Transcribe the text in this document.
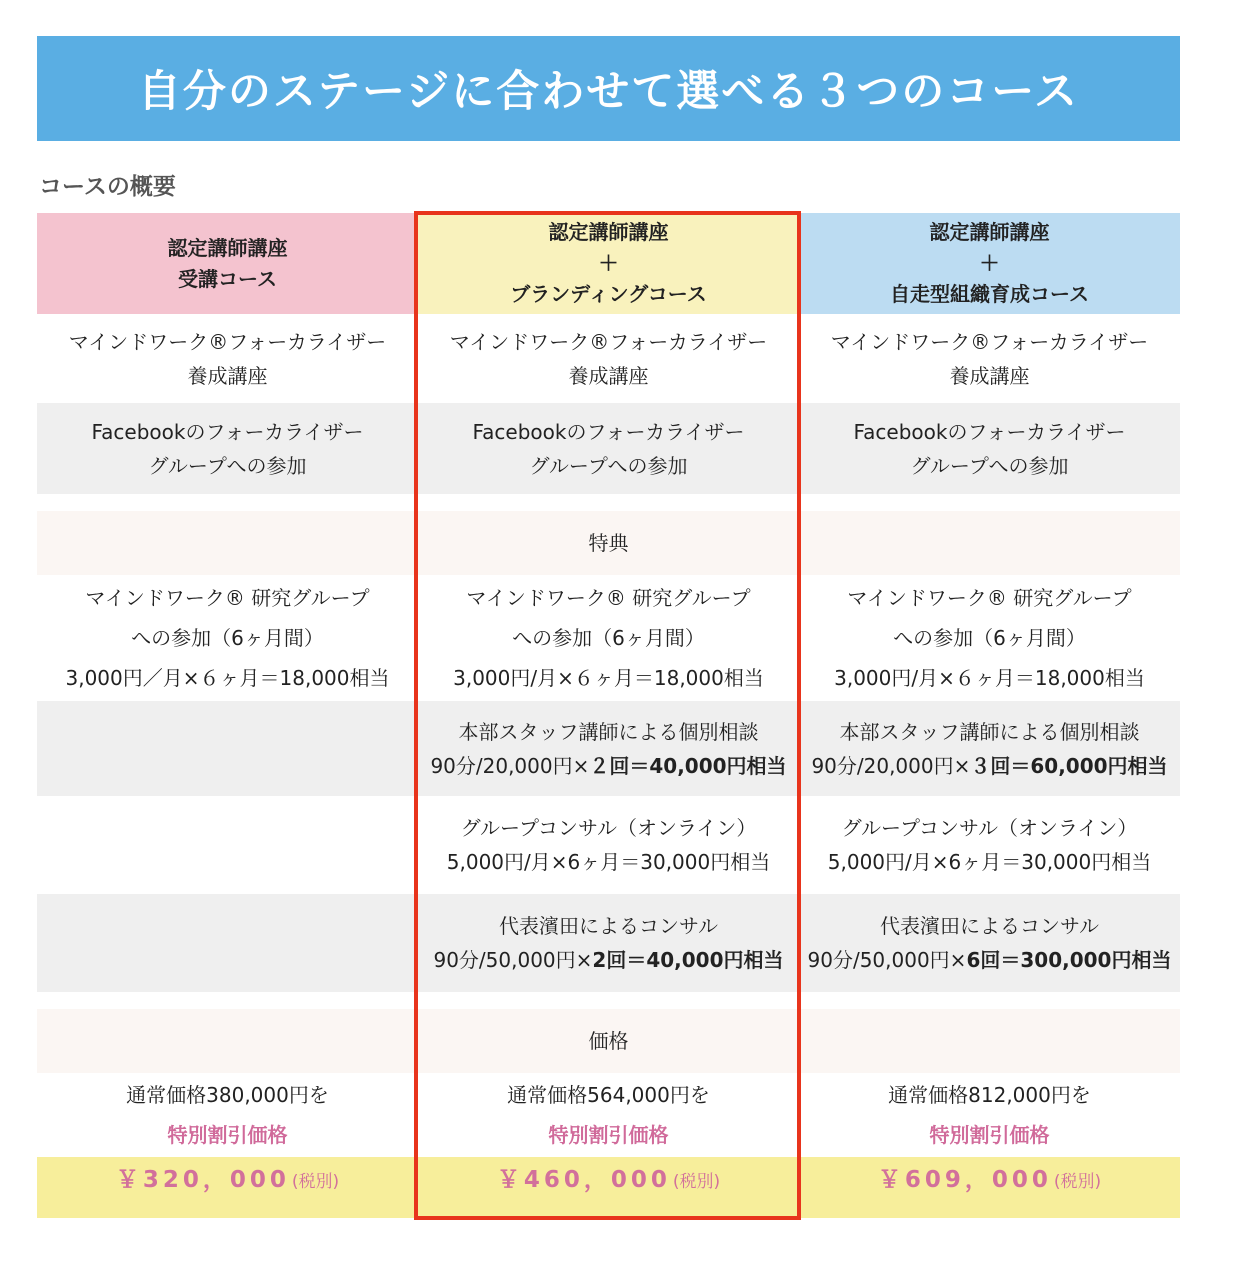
自分のステージに合わせて選べる３つのコース
コースの概要
認定講師講座
受講コース
認定講師講座
＋
ブランディングコース
認定講師講座
＋
自走型組織育成コース
マインドワーク®フォーカライザー
養成講座
マインドワーク®フォーカライザー
養成講座
マインドワーク®フォーカライザー
養成講座
Facebookのフォーカライザー
グループへの参加
Facebookのフォーカライザー
グループへの参加
Facebookのフォーカライザー
グループへの参加
特典
マインドワーク® 研究グループ
への参加（6ヶ月間）
3,000円／月×６ヶ月＝18,000相当
マインドワーク® 研究グループ
への参加（6ヶ月間）
3,000円/月×６ヶ月＝18,000相当
マインドワーク® 研究グループ
への参加（6ヶ月間）
3,000円/月×６ヶ月＝18,000相当
本部スタッフ講師による個別相談
90分/20,000円×２回＝40,000円相当
本部スタッフ講師による個別相談
90分/20,000円×３回＝60,000円相当
グループコンサル（オンライン）
5,000円/月×6ヶ月＝30,000円相当
グループコンサル（オンライン）
5,000円/月×6ヶ月＝30,000円相当
代表濱田によるコンサル
90分/50,000円×2回＝40,000円相当
代表濱田によるコンサル
90分/50,000円×6回＝300,000円相当
価格
通常価格380,000円を
特別割引価格
通常価格564,000円を
特別割引価格
通常価格812,000円を
特別割引価格
￥320，000 (税別)	￥460，000 (税別)	￥609，000 (税別)
